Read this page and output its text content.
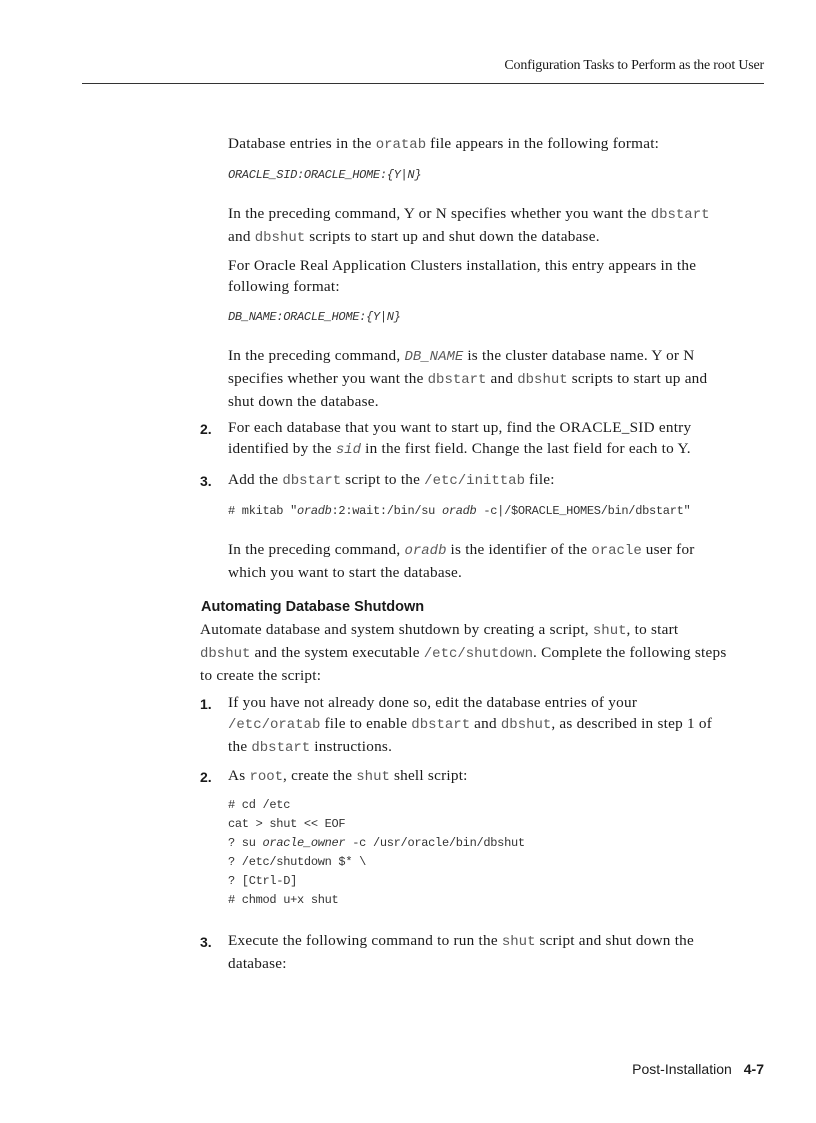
Configuration Tasks to Perform as the root User

Database entries in the oratab file appears in the following format:

ORACLE_SID:ORACLE_HOME:{Y|N}

In the preceding command, Y or N specifies whether you want the dbstart
and dbshut scripts to start up and shut down the database.

For Oracle Real Application Clusters installation, this entry appears in the
following format:

DB_NAME:ORACLE_HOME:{Y|N}

In the preceding command, DB_NAME is the cluster database name. Y or N
specifies whether you want the dbstart and dbshut scripts to start up and
shut down the database.

2. For each database that you want to start up, find the ORACLE_SID entry
identified by the sid in the first field. Change the last field for each to Y.

3. Add the dbstart script to the /etc/inittab file:

# mkitab "oradb:2:wait:/bin/su oradb -c|/$ORACLE_HOMES/bin/dbstart"

In the preceding command, oradb is the identifier of the oracle user for
which you want to start the database.

Automating Database Shutdown

Automate database and system shutdown by creating a script, shut, to start
dbshut and the system executable /etc/shutdown. Complete the following steps
to create the script:

1. If you have not already done so, edit the database entries of your
/etc/oratab file to enable dbstart and dbshut, as described in step 1 of
the dbstart instructions.

2. As root, create the shut shell script:

# cd /etc
cat > shut << EOF
? su oracle_owner -c /usr/oracle/bin/dbshut
? /etc/shutdown $* \
? [Ctrl-D]
# chmod u+x shut
3. Execute the following command to run the shut script and shut down the
database:

Post-Installation 4-7
